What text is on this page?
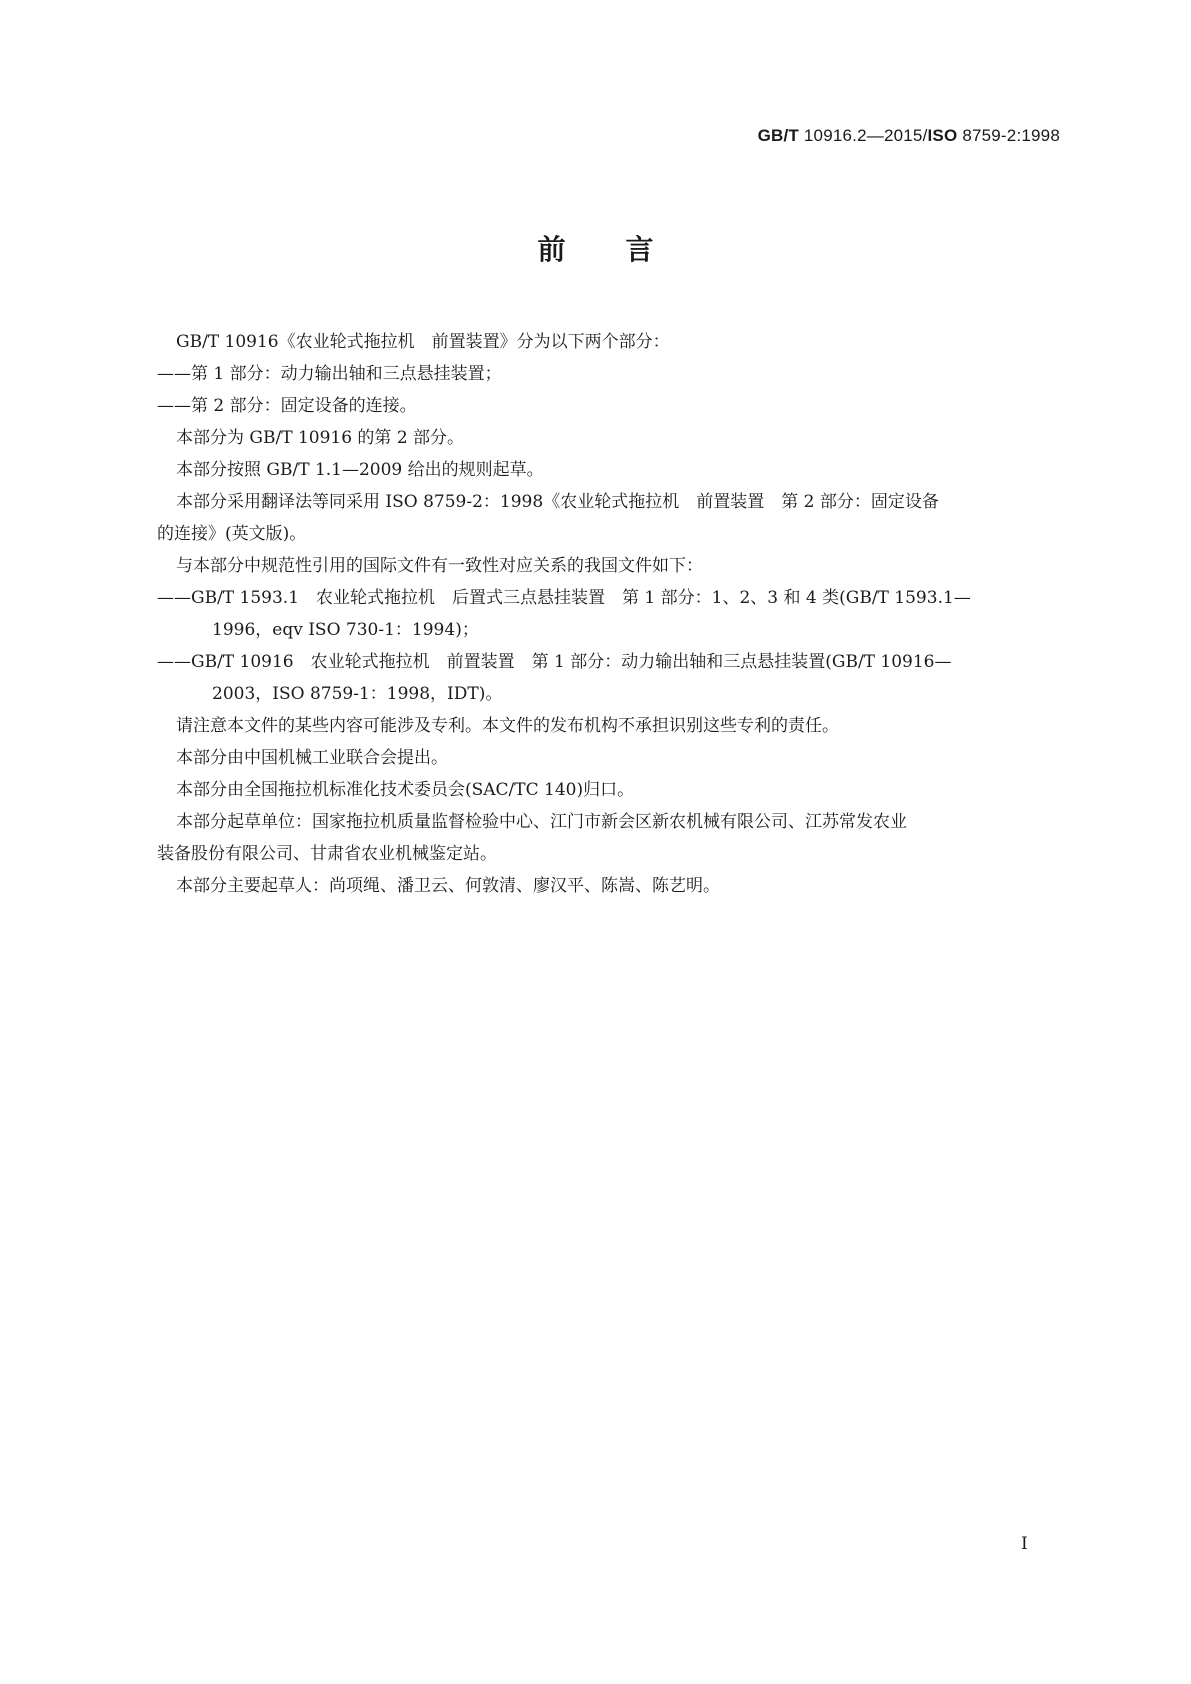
GB/T 10916.2—2015/ISO 8759-2:1998
前言

GB/T 10916《农业轮式拖拉机　前置装置》分为以下两个部分：

——第 1 部分：动力输出轴和三点悬挂装置；

——第 2 部分：固定设备的连接。

本部分为 GB/T 10916 的第 2 部分。

本部分按照 GB/T 1.1—2009 给出的规则起草。

本部分采用翻译法等同采用 ISO 8759-2：1998《农业轮式拖拉机　前置装置　第 2 部分：固定设备

的连接》(英文版)。

与本部分中规范性引用的国际文件有一致性对应关系的我国文件如下：

——GB/T 1593.1　农业轮式拖拉机　后置式三点悬挂装置　第 1 部分：1、2、3 和 4 类(GB/T 1593.1—

1996，eqv ISO 730-1：1994)；

——GB/T 10916　农业轮式拖拉机　前置装置　第 1 部分：动力输出轴和三点悬挂装置(GB/T 10916—

2003，ISO 8759-1：1998，IDT)。

请注意本文件的某些内容可能涉及专利。本文件的发布机构不承担识别这些专利的责任。

本部分由中国机械工业联合会提出。

本部分由全国拖拉机标准化技术委员会(SAC/TC 140)归口。

本部分起草单位：国家拖拉机质量监督检验中心、江门市新会区新农机械有限公司、江苏常发农业

装备股份有限公司、甘肃省农业机械鉴定站。

本部分主要起草人：尚项绳、潘卫云、何敦清、廖汉平、陈嵩、陈艺明。

I
